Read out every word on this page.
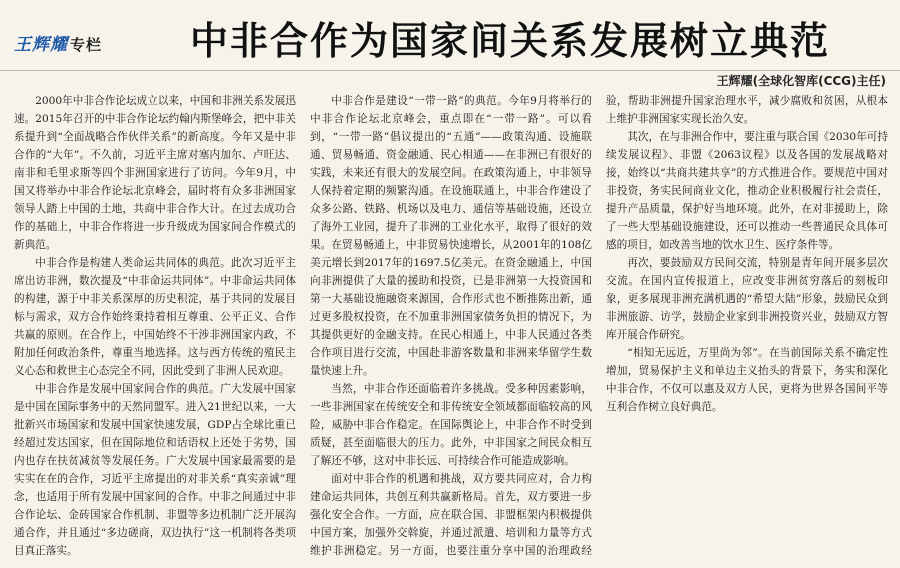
王辉耀 专栏 中非合作为国家间关系发展树立典范
王辉耀(全球化智库(CCG)主任)

2000年中非合作论坛成立以来，中国和非洲关系发展迅速。2015年召开的中非合作论坛约翰内斯堡峰会，把中非关系提升到“全面战略合作伙伴关系”的新高度。今年又是中非合作的“大年”。不久前，习近平主席对塞内加尔、卢旺达、南非和毛里求斯等四个非洲国家进行了访问。今年9月，中国又将举办中非合作论坛北京峰会，届时将有众多非洲国家领导人踏上中国的土地，共商中非合作大计。在过去成功合作的基础上，中非合作将进一步升级成为国家间合作模式的新典范。

中非合作是构建人类命运共同体的典范。此次习近平主席出访非洲，数次提及“中非命运共同体”。中非命运共同体的构建，源于中非关系深厚的历史积淀，基于共同的发展目标与需求，双方合作始终秉持着相互尊重、公平正义、合作共赢的原则。在合作上，中国始终不干涉非洲国家内政，不附加任何政治条件，尊重当地选择。这与西方传统的殖民主义心态和救世主心态完全不同，因此受到了非洲人民欢迎。

中非合作是发展中国家间合作的典范。广大发展中国家是中国在国际事务中的天然同盟军。进入21世纪以来，一大批新兴市场国家和发展中国家快速发展，GDP占全球比重已经超过发达国家，但在国际地位和话语权上还处于劣势，国内也存在扶贫减贫等发展任务。广大发展中国家最需要的是实实在在的合作，习近平主席提出的对非关系“真实亲诚”理念，也适用于所有发展中国家间的合作。中非之间通过中非合作论坛、金砖国家合作机制、非盟等多边机制广泛开展沟通合作，并且通过“多边磋商，双边执行”这一机制将各类项目真正落实。

中非合作是建设“一带一路”的典范。今年9月将举行的中非合作论坛北京峰会，重点即在“一带一路”。可以看到，“一带一路”倡议提出的“五通”——政策沟通、设施联通、贸易畅通、资金融通、民心相通——在非洲已有很好的实践，未来还有很大的发展空间。在政策沟通上，中非领导人保持着定期的频繁沟通。在设施联通上，中非合作建设了众多公路、铁路、机场以及电力、通信等基础设施，还设立了海外工业园，提升了非洲的工业化水平，取得了很好的效果。在贸易畅通上，中非贸易快速增长，从2001年的108亿美元增长到2017年的1697.5亿美元。在资金融通上，中国向非洲提供了大量的援助和投资，已是非洲第一大投资国和第一大基础设施融资来源国，合作形式也不断推陈出新，通过更多股权投资，在不加重非洲国家债务负担的情况下，为其提供更好的金融支持。在民心相通上，中非人民通过各类合作项目进行交流，中国赴非游客数量和非洲来华留学生数量快速上升。

当然，中非合作还面临着许多挑战。受多种因素影响，一些非洲国家在传统安全和非传统安全领域都面临较高的风险，威胁中非合作稳定。在国际舆论上，中非合作不时受到质疑，甚至面临很大的压力。此外，中非国家之间民众相互了解还不够，这对中非长远、可持续合作可能造成影响。

面对中非合作的机遇和挑战，双方要共同应对，合力构建命运共同体，共创互利共赢新格局。首先，双方要进一步强化安全合作。一方面，应在联合国、非盟框架内积极提供中国方案，加强外交斡旋，并通过派遣、培训和力量等方式维护非洲稳定。另一方面，也要注重分享中国的治理政经验，帮助非洲提升国家治理水平，减少腐败和贫困，从根本上维护非洲国家实现长治久安。

其次，在与非洲合作中，要注重与联合国《2030年可持续发展议程》、非盟《2063议程》以及各国的发展战略对接，始终以“共商共建共享”的方式推进合作。要规范中国对非投资，务实民间商业文化，推动企业积极履行社会责任，提升产品质量，保护好当地环境。此外，在对非援助上，除了一些大型基础设施建设，还可以推动一些普通民众具体可感的项目，如改善当地的饮水卫生、医疗条件等。

再次，要鼓励双方民间交流，特别是青年间开展多层次交流。在国内宣传报道上，应改变非洲贫穷落后的刻板印象，更多展现非洲充满机遇的“希望大陆”形象，鼓励民众到非洲旅游、访学，鼓励企业家到非洲投资兴业，鼓励双方智库开展合作研究。

“相知无远近，万里尚为邻”。在当前国际关系不确定性增加，贸易保护主义和单边主义抬头的背景下，务实和深化中非合作，不仅可以惠及双方人民，更将为世界各国间平等互利合作树立良好典范。
